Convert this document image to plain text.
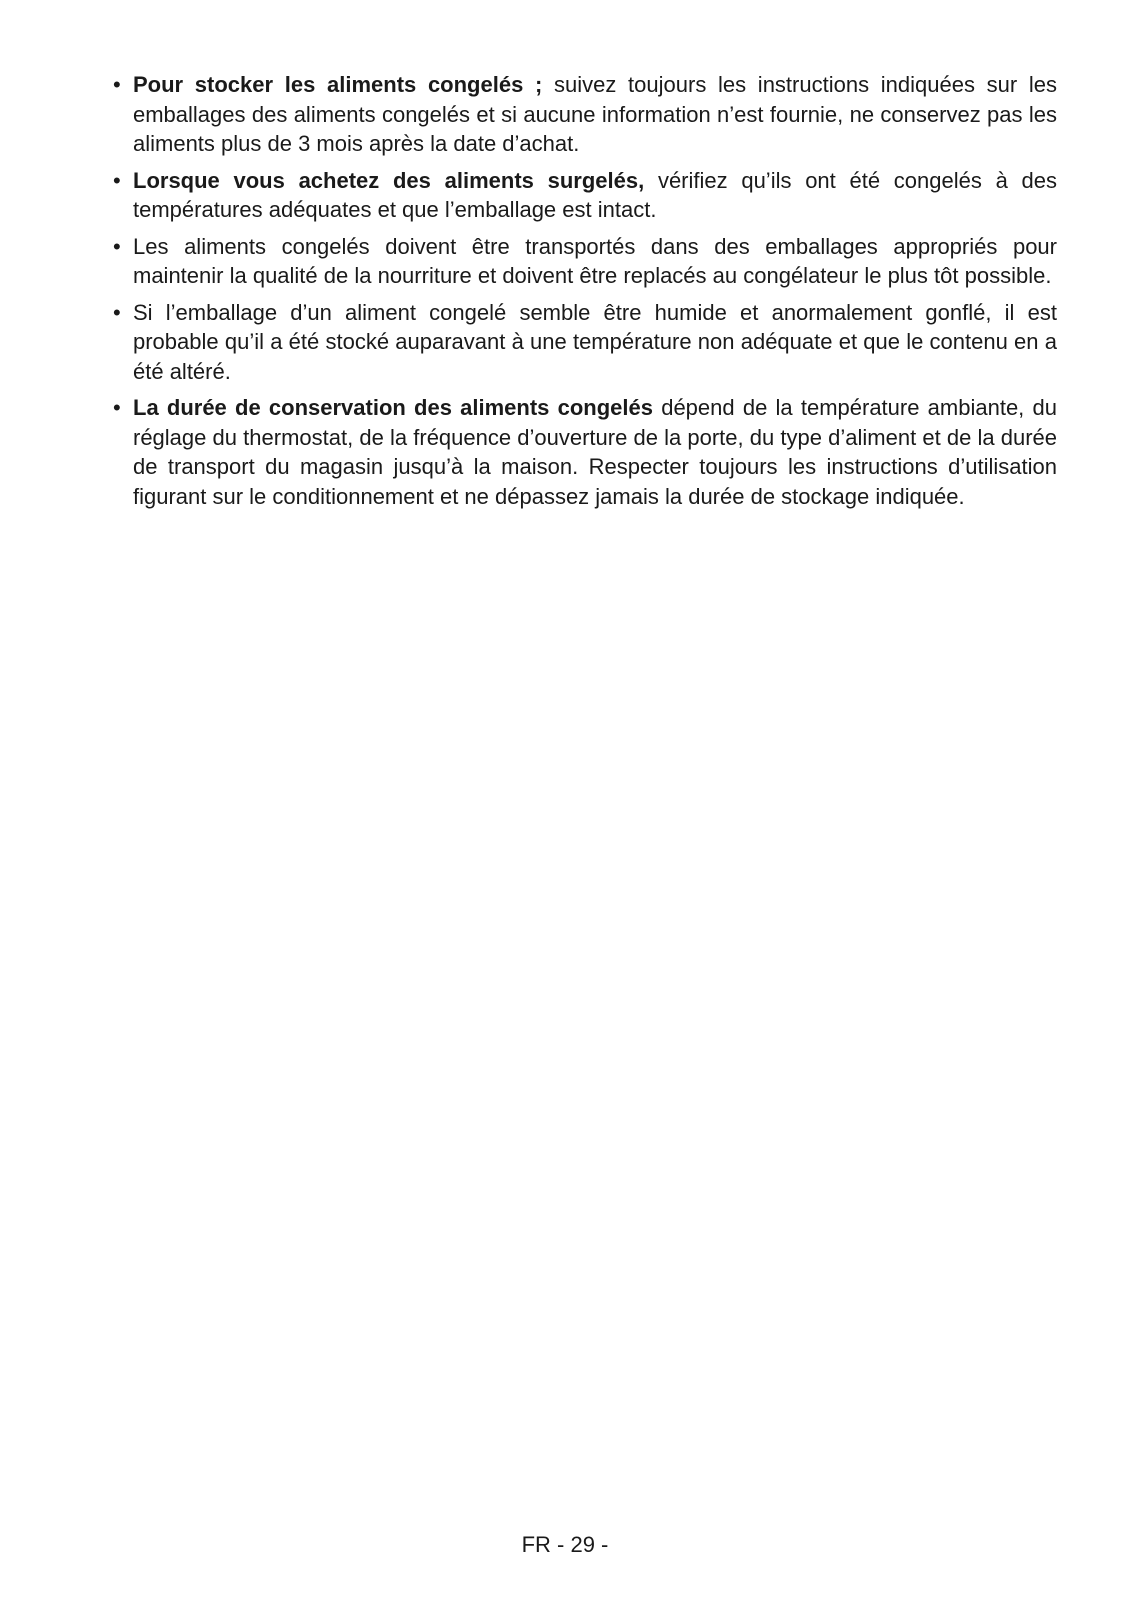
• Pour stocker les aliments congelés ; suivez toujours les instructions indiquées sur les emballages des aliments congelés et si aucune information n’est fournie, ne conservez pas les aliments plus de 3 mois après la date d’achat.
• Lorsque vous achetez des aliments surgelés, vérifiez qu’ils ont été congelés à des températures adéquates et que l’emballage est intact.
• Les aliments congelés doivent être transportés dans des emballages appropriés pour maintenir la qualité de la nourriture et doivent être replacés au congélateur le plus tôt possible.
• Si l’emballage d’un aliment congelé semble être humide et anormalement gonflé, il est probable qu’il a été stocké auparavant à une température non adéquate et que le contenu en a été altéré.
• La durée de conservation des aliments congelés dépend de la température ambiante, du réglage du thermostat, de la fréquence d’ouverture de la porte, du type d’aliment et de la durée de transport du magasin jusqu’à la maison. Respecter toujours les instructions d’utilisation figurant sur le conditionnement et ne dépassez jamais la durée de stockage indiquée.
FR - 29 -
